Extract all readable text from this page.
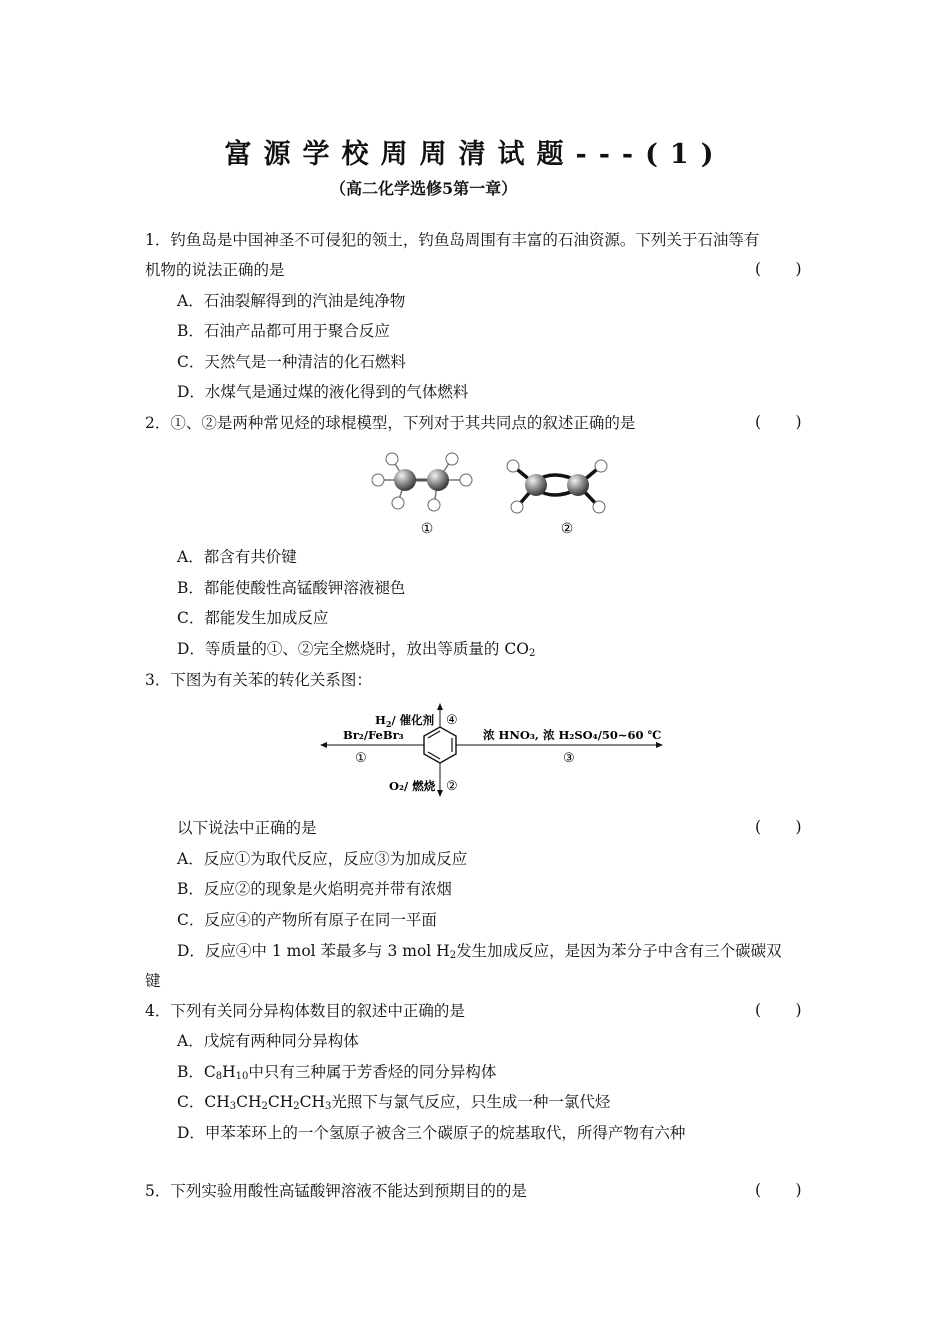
富源学校周周清试题---(1)
（高二化学选修5第一章）
1．钓鱼岛是中国神圣不可侵犯的领土，钓鱼岛周围有丰富的石油资源。下列关于石油等有
机物的说法正确的是	(       )
A．石油裂解得到的汽油是纯净物
B．石油产品都可用于聚合反应
C．天然气是一种清洁的化石燃料
D．水煤气是通过煤的液化得到的气体燃料
2．①、②是两种常见烃的球棍模型，下列对于其共同点的叙述正确的是	(       )
①	②
A．都含有共价键
B．都能使酸性高锰酸钾溶液褪色
C．都能发生加成反应
D．等质量的①、②完全燃烧时，放出等质量的 $CO_2$
3．下图为有关苯的转化关系图：
$H_2/$ 催化剂 ④
Br₂/FeBr₃
①
浓 HNO₃, 浓 H₂SO₄/50~60 ℃
③
O₂/ 燃烧 ②
以下说法中正确的是	(       )
A．反应①为取代反应，反应③为加成反应
B．反应②的现象是火焰明亮并带有浓烟
C．反应④的产物所有原子在同一平面
D．反应④中 1 mol 苯最多与 3 mol $H_2$发生加成反应，是因为苯分子中含有三个碳碳双
键
4．下列有关同分异构体数目的叙述中正确的是	(       )
A．戊烷有两种同分异构体
B．$C_8H_{10}$中只有三种属于芳香烃的同分异构体
C．$CH_3CH_2CH_2CH_3$光照下与氯气反应，只生成一种一氯代烃
D．甲苯苯环上的一个氢原子被含三个碳原子的烷基取代，所得产物有六种
5．下列实验用酸性高锰酸钾溶液不能达到预期目的的是	(       )
